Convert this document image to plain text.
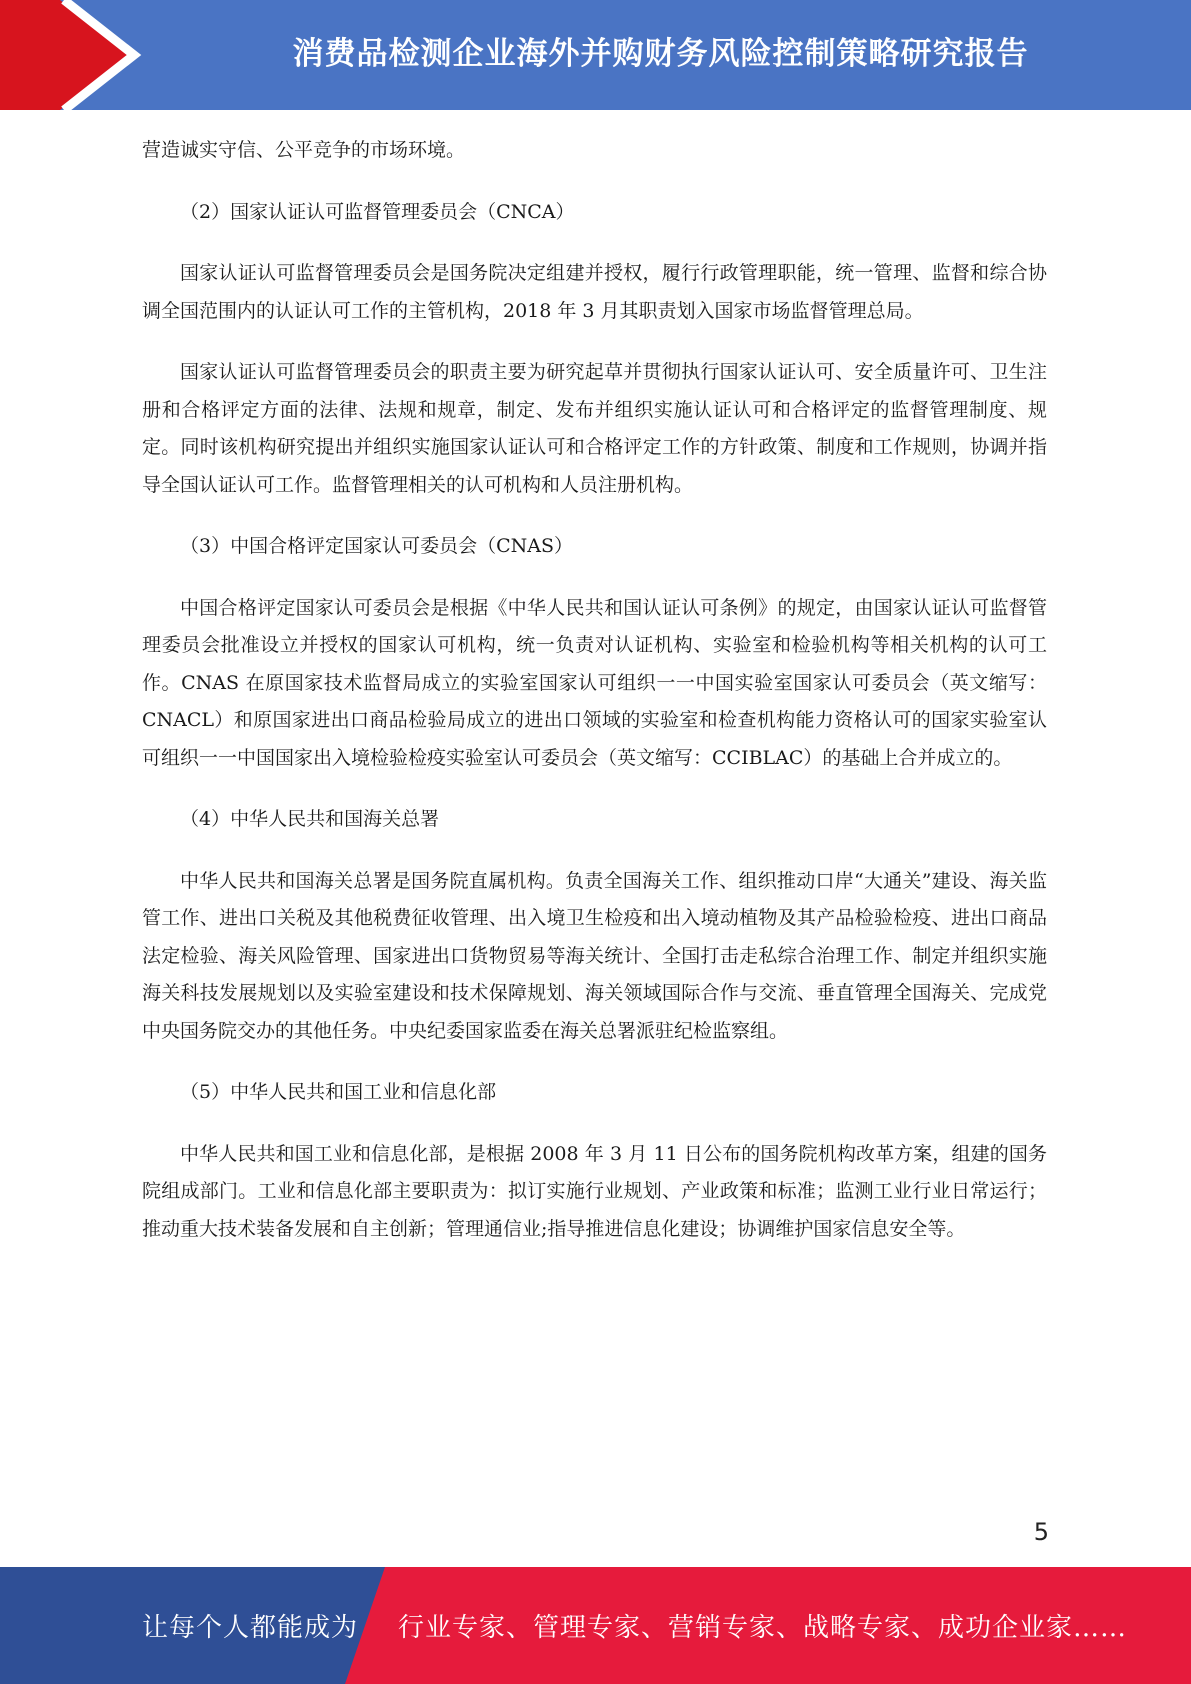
消费品检测企业海外并购财务风险控制策略研究报告

营造诚实守信、公平竞争的市场环境。

（2）国家认证认可监督管理委员会（CNCA）

国家认证认可监督管理委员会是国务院决定组建并授权，履行行政管理职能，统一管理、监督和综合协调全国范围内的认证认可工作的主管机构，2018 年 3 月其职责划入国家市场监督管理总局。

国家认证认可监督管理委员会的职责主要为研究起草并贯彻执行国家认证认可、安全质量许可、卫生注册和合格评定方面的法律、法规和规章，制定、发布并组织实施认证认可和合格评定的监督管理制度、规定。同时该机构研究提出并组织实施国家认证认可和合格评定工作的方针政策、制度和工作规则，协调并指导全国认证认可工作。监督管理相关的认可机构和人员注册机构。

（3）中国合格评定国家认可委员会（CNAS）

中国合格评定国家认可委员会是根据《中华人民共和国认证认可条例》的规定，由国家认证认可监督管理委员会批准设立并授权的国家认可机构，统一负责对认证机构、实验室和检验机构等相关机构的认可工作。CNAS 在原国家技术监督局成立的实验室国家认可组织一一中国实验室国家认可委员会（英文缩写：CNACL）和原国家进出口商品检验局成立的进出口领域的实验室和检查机构能力资格认可的国家实验室认可组织一一中国国家出入境检验检疫实验室认可委员会（英文缩写：CCIBLAC）的基础上合并成立的。

（4）中华人民共和国海关总署

中华人民共和国海关总署是国务院直属机构。负责全国海关工作、组织推动口岸“大通关”建设、海关监管工作、进出口关税及其他税费征收管理、出入境卫生检疫和出入境动植物及其产品检验检疫、进出口商品法定检验、海关风险管理、国家进出口货物贸易等海关统计、全国打击走私综合治理工作、制定并组织实施海关科技发展规划以及实验室建设和技术保障规划、海关领域国际合作与交流、垂直管理全国海关、完成党中央国务院交办的其他任务。中央纪委国家监委在海关总署派驻纪检监察组。

（5）中华人民共和国工业和信息化部

中华人民共和国工业和信息化部，是根据 2008 年 3 月 11 日公布的国务院机构改革方案，组建的国务院组成部门。工业和信息化部主要职责为：拟订实施行业规划、产业政策和标准；监测工业行业日常运行；推动重大技术装备发展和自主创新；管理通信业;指导推进信息化建设；协调维护国家信息安全等。

5
让每个人都能成为 行业专家、管理专家、营销专家、战略专家、成功企业家……
